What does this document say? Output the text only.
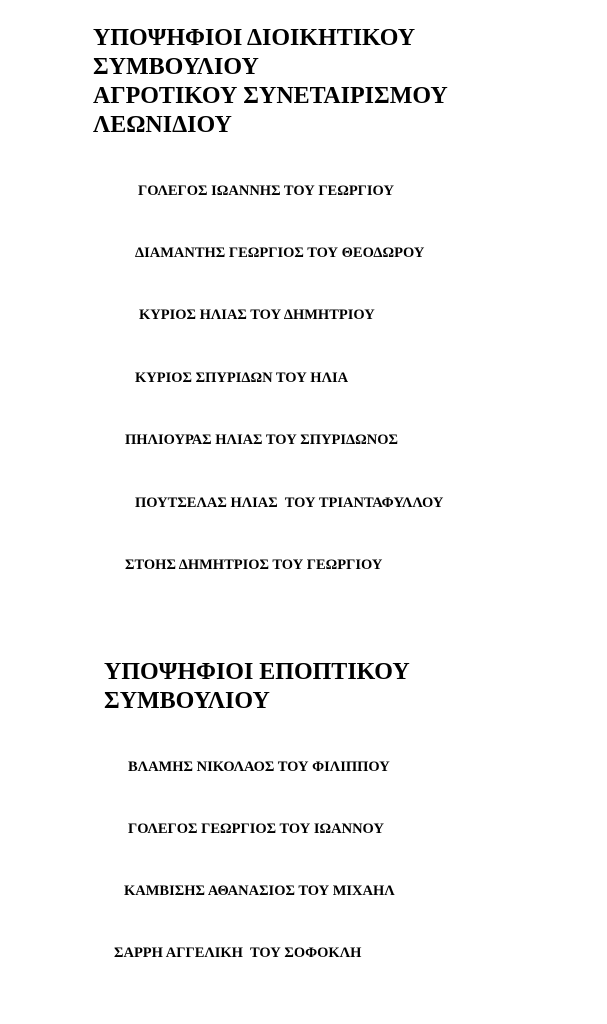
ΥΠΟΨΗΦΙΟΙ ΔΙΟΙΚΗΤΙΚΟΥ
ΣΥΜΒΟΥΛΙΟΥ
ΑΓΡΟΤΙΚΟΥ ΣΥΝΕΤΑΙΡΙΣΜΟΥ
ΛΕΩΝΙΔΙΟΥ

ΓΟΛΕΓΟΣ ΙΩΑΝΝΗΣ ΤΟΥ ΓΕΩΡΓΙΟΥ

ΔΙΑΜΑΝΤΗΣ ΓΕΩΡΓΙΟΣ ΤΟΥ ΘΕΟΔΩΡΟΥ

ΚΥΡΙΟΣ ΗΛΙΑΣ ΤΟΥ ΔΗΜΗΤΡΙΟΥ

ΚΥΡΙΟΣ ΣΠΥΡΙΔΩΝ ΤΟΥ ΗΛΙΑ

ΠΗΛΙΟΥΡΑΣ ΗΛΙΑΣ ΤΟΥ ΣΠΥΡΙΔΩΝΟΣ

ΠΟΥΤΣΕΛΑΣ ΗΛΙΑΣ  ΤΟΥ ΤΡΙΑΝΤΑΦΥΛΛΟΥ

ΣΤΟΗΣ ΔΗΜΗΤΡΙΟΣ ΤΟΥ ΓΕΩΡΓΙΟΥ

ΥΠΟΨΗΦΙΟΙ ΕΠΟΠΤΙΚΟΥ
ΣΥΜΒΟΥΛΙΟΥ

ΒΛΑΜΗΣ ΝΙΚΟΛΑΟΣ ΤΟΥ ΦΙΛΙΠΠΟΥ

ΓΟΛΕΓΟΣ ΓΕΩΡΓΙΟΣ ΤΟΥ ΙΩΑΝΝΟΥ

ΚΑΜΒΙΣΗΣ ΑΘΑΝΑΣΙΟΣ ΤΟΥ ΜΙΧΑΗΛ

ΣΑΡΡΗ ΑΓΓΕΛΙΚΗ  ΤΟΥ ΣΟΦΟΚΛΗ
